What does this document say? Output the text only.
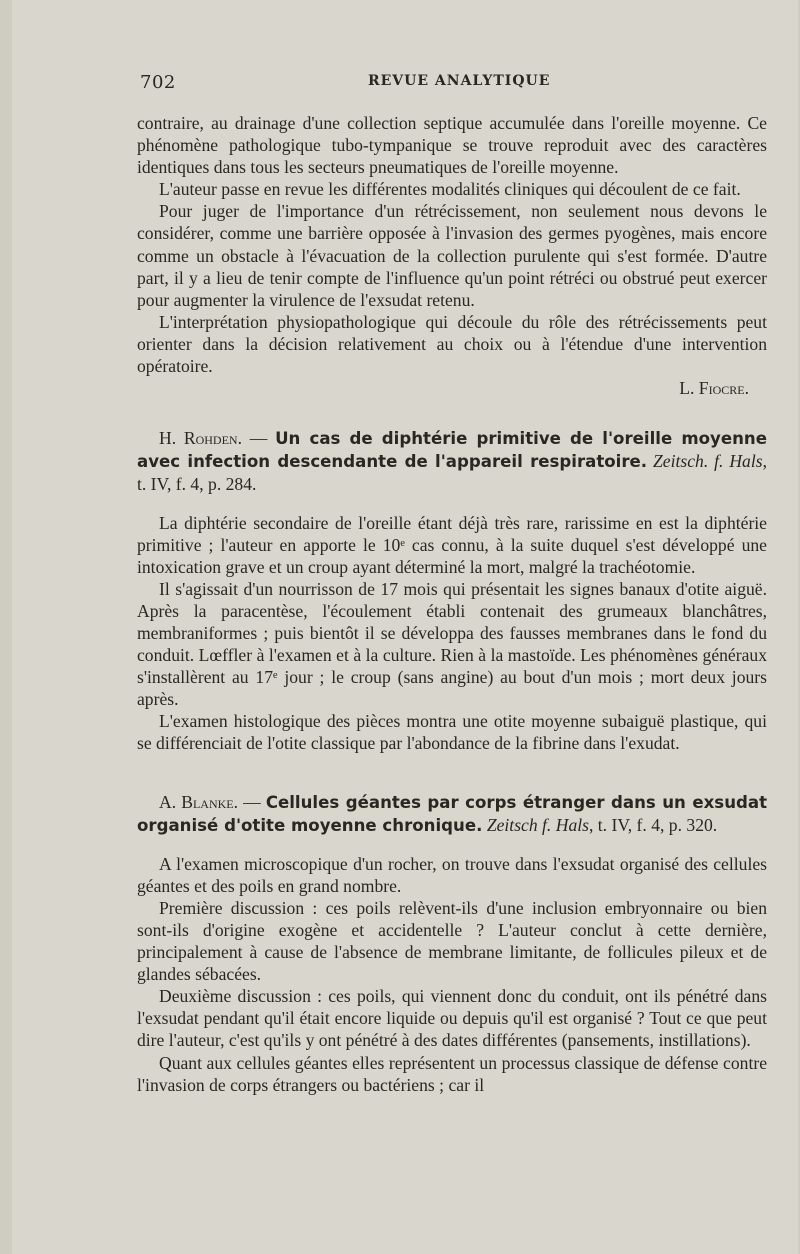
702	REVUE ANALYTIQUE

contraire, au drainage d'une collection septique accumulée dans l'oreille moyenne. Ce phénomène pathologique tubo-tympanique se trouve reproduit avec des caractères identiques dans tous les secteurs pneumatiques de l'oreille moyenne.

L'auteur passe en revue les différentes modalités cliniques qui découlent de ce fait.

Pour juger de l'importance d'un rétrécissement, non seulement nous devons le considérer, comme une barrière opposée à l'invasion des germes pyogènes, mais encore comme un obstacle à l'évacuation de la collection purulente qui s'est formée. D'autre part, il y a lieu de tenir compte de l'influence qu'un point rétréci ou obstrué peut exercer pour augmenter la virulence de l'exsudat retenu.

L'interprétation physiopathologique qui découle du rôle des rétrécissements peut orienter dans la décision relativement au choix ou à l'étendue d'une intervention opératoire.

L. Fiocre.

H. Rohden. — Un cas de diphtérie primitive de l'oreille moyenne avec infection descendante de l'appareil respiratoire. Zeitsch. f. Hals, t. IV, f. 4, p. 284.

La diphtérie secondaire de l'oreille étant déjà très rare, rarissime en est la diphtérie primitive ; l'auteur en apporte le 10ᵉ cas connu, à la suite duquel s'est développé une intoxication grave et un croup ayant déterminé la mort, malgré la trachéotomie.

Il s'agissait d'un nourrisson de 17 mois qui présentait les signes banaux d'otite aiguë. Après la paracentèse, l'écoulement établi contenait des grumeaux blanchâtres, membraniformes ; puis bientôt il se développa des fausses membranes dans le fond du conduit. Lœffler à l'examen et à la culture. Rien à la mastoïde. Les phénomènes généraux s'installèrent au 17ᵉ jour ; le croup (sans angine) au bout d'un mois ; mort deux jours après.

L'examen histologique des pièces montra une otite moyenne subaiguë plastique, qui se différenciait de l'otite classique par l'abondance de la fibrine dans l'exudat.

A. Blanke. — Cellules géantes par corps étranger dans un exsudat organisé d'otite moyenne chronique. Zeitsch f. Hals, t. IV, f. 4, p. 320.

A l'examen microscopique d'un rocher, on trouve dans l'exsudat organisé des cellules géantes et des poils en grand nombre.

Première discussion : ces poils relèvent-ils d'une inclusion embryonnaire ou bien sont-ils d'origine exogène et accidentelle ? L'auteur conclut à cette dernière, principalement à cause de l'absence de membrane limitante, de follicules pileux et de glandes sébacées.

Deuxième discussion : ces poils, qui viennent donc du conduit, ont ils pénétré dans l'exsudat pendant qu'il était encore liquide ou depuis qu'il est organisé ? Tout ce que peut dire l'auteur, c'est qu'ils y ont pénétré à des dates différentes (pansements, instillations).

Quant aux cellules géantes elles représentent un processus classique de défense contre l'invasion de corps étrangers ou bactériens ; car il
